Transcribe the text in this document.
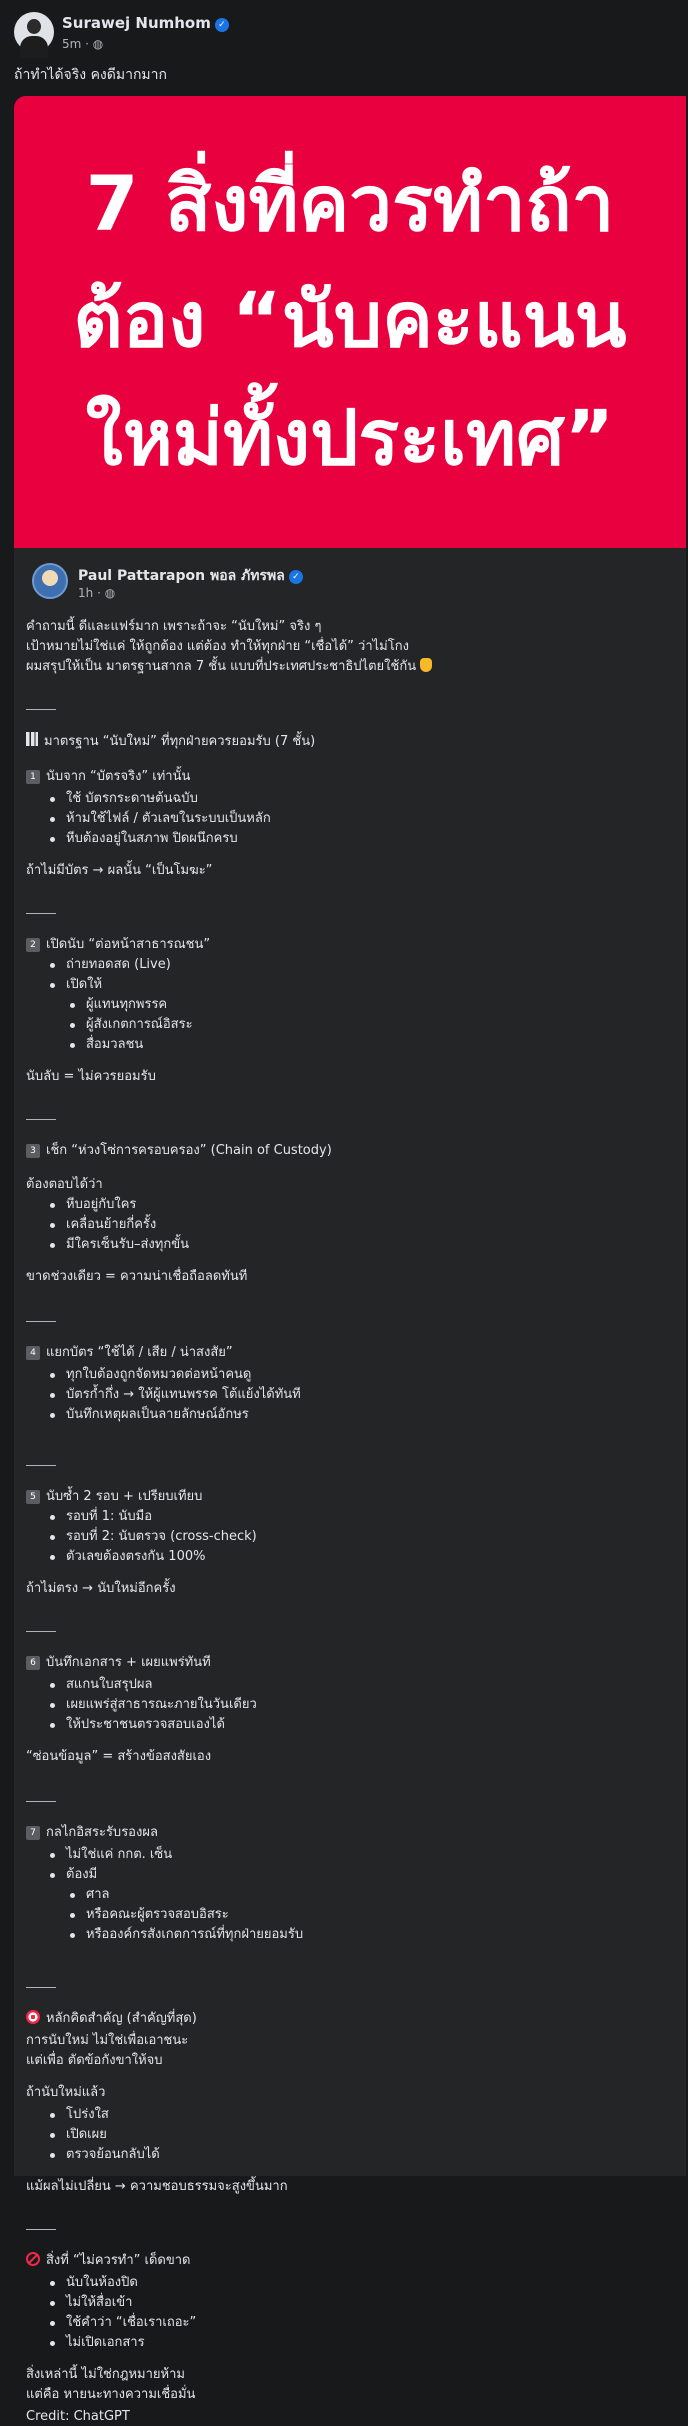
Surawej Numhom ✓
5m · ◍
ถ้าทำได้จริง คงดีมากมาก
7 สิ่งที่ควรทำถ้า
ต้อง “นับคะแนน
ใหม่ทั้งประเทศ”
Paul Pattarapon พอล ภัทรพล ✓
1h · ◍
คำถามนี้ ดีและแฟร์มาก เพราะถ้าจะ “นับใหม่” จริง ๆ
เป้าหมายไม่ใช่แค่ ให้ถูกต้อง แต่ต้อง ทำให้ทุกฝ่าย “เชื่อได้” ว่าไม่โกง
ผมสรุปให้เป็น มาตรฐานสากล 7 ชั้น แบบที่ประเทศประชาธิปไตยใช้กัน
มาตรฐาน “นับใหม่” ที่ทุกฝ่ายควรยอมรับ (7 ชั้น)
1 นับจาก “บัตรจริง” เท่านั้น
ใช้ บัตรกระดาษต้นฉบับ
ห้ามใช้ไฟล์ / ตัวเลขในระบบเป็นหลัก
หีบต้องอยู่ในสภาพ ปิดผนึกครบ
ถ้าไม่มีบัตร → ผลนั้น “เป็นโมฆะ”
2 เปิดนับ “ต่อหน้าสาธารณชน”
ถ่ายทอดสด (Live)
เปิดให้
ผู้แทนทุกพรรค
ผู้สังเกตการณ์อิสระ
สื่อมวลชน
นับลับ = ไม่ควรยอมรับ
3 เช็ก “ห่วงโซ่การครอบครอง” (Chain of Custody)
ต้องตอบได้ว่า
หีบอยู่กับใคร
เคลื่อนย้ายกี่ครั้ง
มีใครเซ็นรับ–ส่งทุกขั้น
ขาดช่วงเดียว = ความน่าเชื่อถือลดทันที
4 แยกบัตร “ใช้ได้ / เสีย / น่าสงสัย”
ทุกใบต้องถูกจัดหมวดต่อหน้าคนดู
บัตรก้ำกึ่ง → ให้ผู้แทนพรรค โต้แย้งได้ทันที
บันทึกเหตุผลเป็นลายลักษณ์อักษร
5 นับซ้ำ 2 รอบ + เปรียบเทียบ
รอบที่ 1: นับมือ
รอบที่ 2: นับตรวจ (cross-check)
ตัวเลขต้องตรงกัน 100%
ถ้าไม่ตรง → นับใหม่อีกครั้ง
6 บันทึกเอกสาร + เผยแพร่ทันที
สแกนใบสรุปผล
เผยแพร่สู่สาธารณะภายในวันเดียว
ให้ประชาชนตรวจสอบเองได้
“ซ่อนข้อมูล” = สร้างข้อสงสัยเอง
7 กลไกอิสระรับรองผล
ไม่ใช่แค่ กกต. เซ็น
ต้องมี
ศาล
หรือคณะผู้ตรวจสอบอิสระ
หรือองค์กรสังเกตการณ์ที่ทุกฝ่ายยอมรับ
หลักคิดสำคัญ (สำคัญที่สุด)
การนับใหม่ ไม่ใช่เพื่อเอาชนะ
แต่เพื่อ ตัดข้อกังขาให้จบ
ถ้านับใหม่แล้ว
โปร่งใส
เปิดเผย
ตรวจย้อนกลับได้
แม้ผลไม่เปลี่ยน → ความชอบธรรมจะสูงขึ้นมาก
สิ่งที่ “ไม่ควรทำ” เด็ดขาด
นับในห้องปิด
ไม่ให้สื่อเข้า
ใช้คำว่า “เชื่อเราเถอะ”
ไม่เปิดเอกสาร
สิ่งเหล่านี้ ไม่ใช่กฎหมายห้าม
แต่คือ หายนะทางความเชื่อมั่น
Credit: ChatGPT
